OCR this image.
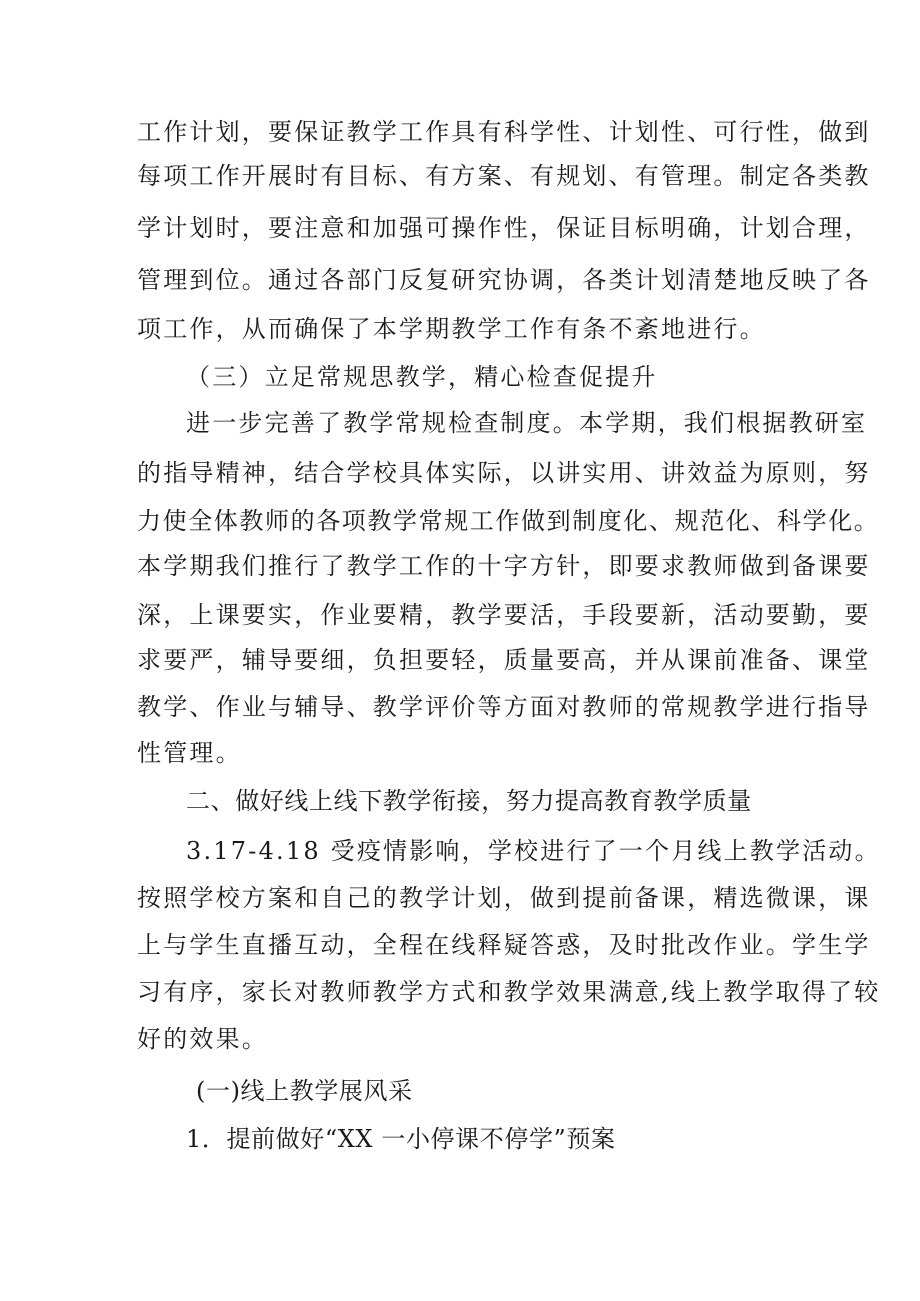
工作计划，要保证教学工作具有科学性、计划性、可行性，做到
每项工作开展时有目标、有方案、有规划、有管理。制定各类教
学计划时，要注意和加强可操作性，保证目标明确，计划合理，
管理到位。通过各部门反复研究协调，各类计划清楚地反映了各
项工作，从而确保了本学期教学工作有条不紊地进行。
（三）立足常规思教学，精心检查促提升
进一步完善了教学常规检查制度。本学期，我们根据教研室
的指导精神，结合学校具体实际，以讲实用、讲效益为原则，努
力使全体教师的各项教学常规工作做到制度化、规范化、科学化。
本学期我们推行了教学工作的十字方针，即要求教师做到备课要
深，上课要实，作业要精，教学要活，手段要新，活动要勤，要
求要严，辅导要细，负担要轻，质量要高，并从课前准备、课堂
教学、作业与辅导、教学评价等方面对教师的常规教学进行指导
性管理。
二、做好线上线下教学衔接，努力提高教育教学质量
3.17-4.18 受疫情影响，学校进行了一个月线上教学活动。
按照学校方案和自己的教学计划，做到提前备课，精选微课，课
上与学生直播互动，全程在线释疑答惑，及时批改作业。学生学
习有序，家长对教师教学方式和教学效果满意,线上教学取得了较
好的效果。
(一)线上教学展风采
1．提前做好“XX 一小停课不停学”预案
